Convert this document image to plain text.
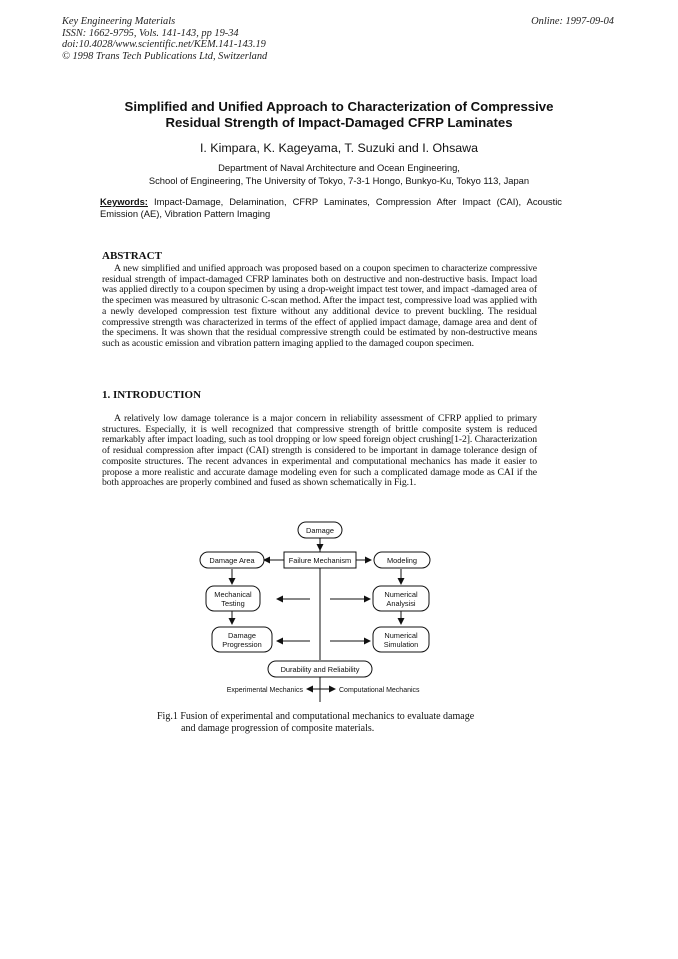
Key Engineering Materials
ISSN: 1662-9795, Vols. 141-143, pp 19-34
doi:10.4028/www.scientific.net/KEM.141-143.19
© 1998 Trans Tech Publications Ltd, Switzerland
Online: 1997-09-04
Simplified and Unified Approach to Characterization of Compressive
Residual Strength of Impact-Damaged CFRP Laminates
I. Kimpara, K. Kageyama, T. Suzuki and I. Ohsawa
Department of Naval Architecture and Ocean Engineering,
School of Engineering, The University of Tokyo, 7-3-1 Hongo, Bunkyo-Ku, Tokyo 113, Japan
Keywords: Impact-Damage, Delamination, CFRP Laminates, Compression After Impact (CAI), Acoustic Emission (AE), Vibration Pattern Imaging
ABSTRACT
A new simplified and unified approach was proposed based on a coupon specimen to characterize compressive residual strength of impact-damaged CFRP laminates both on destructive and non-destructive basis. Impact load was applied directly to a coupon specimen by using a drop-weight impact test tower, and impact -damaged area of the specimen was measured by ultrasonic C-scan method. After the impact test, compressive load was applied with a newly developed compression test fixture without any additional device to prevent buckling. The residual compressive strength was characterized in terms of the effect of applied impact damage, damage area and dent of the specimens. It was shown that the residual compressive strength could be estimated by non-destructive means such as acoustic emission and vibration pattern imaging applied to the damaged coupon specimen.
1. INTRODUCTION
A relatively low damage tolerance is a major concern in reliability assessment of CFRP applied to primary structures. Especially, it is well recognized that compressive strength of brittle composite system is reduced remarkably after impact loading, such as tool dropping or low speed foreign object crushing[1-2]. Characterization of residual compression after impact (CAI) strength is considered to be important in damage tolerance design of composite structures. The recent advances in experimental and computational mechanics has made it easier to propose a more realistic and accurate damage modeling even for such a complicated damage mode as CAI if the both approaches are properly combined and fused as shown schematically in Fig.1.
Damage
Failure Mechanism
Damage Area	Modeling
Mechanical
Testing
Numerical
Analysisi
Damage
Progression
Numerical
Simulation
Durability and Reliability
Experimental Mechanics	Computational Mechanics
Fig.1 Fusion of experimental and computational mechanics to evaluate damage
and damage progression of composite materials.
